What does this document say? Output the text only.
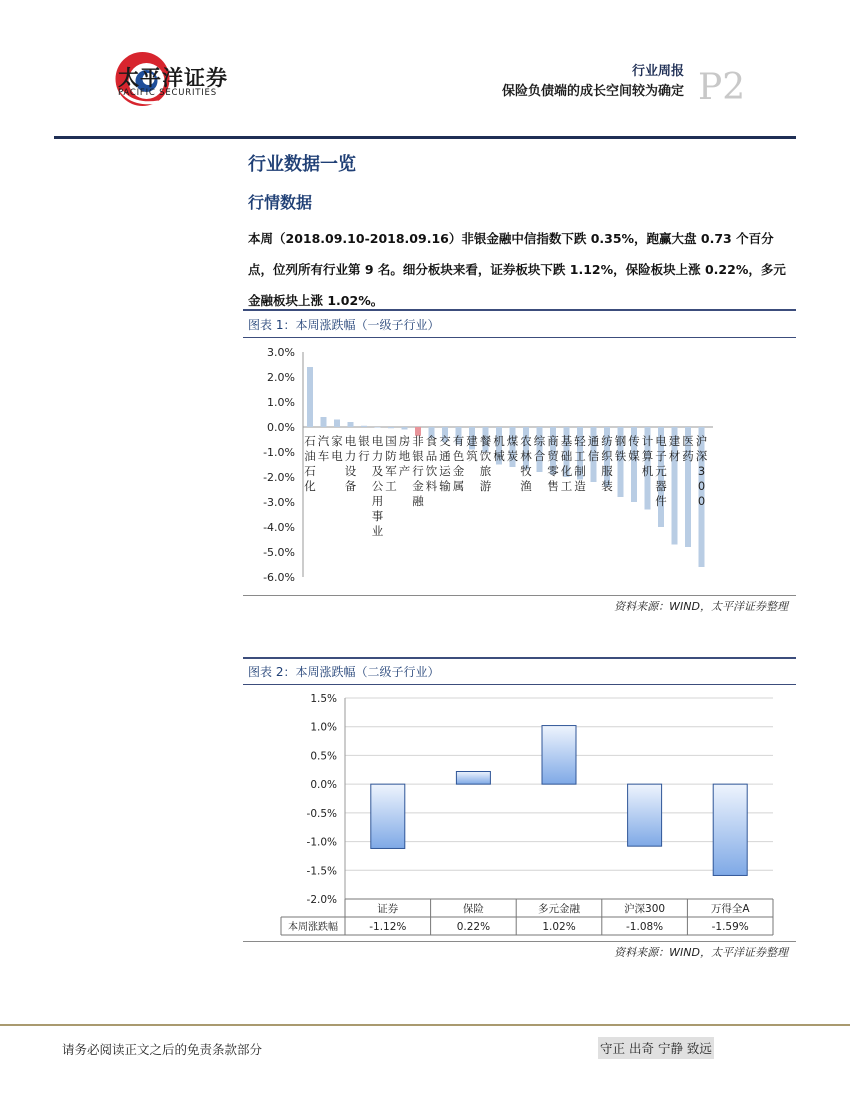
太平洋证券
PACIFIC SECURITIES
行业周报
保险负债端的成长空间较为确定 P2
行业数据一览
行情数据
本周（2018.09.10-2018.09.16）非银金融中信指数下跌 0.35%，跑赢大盘 0.73 个百分点，位列所有行业第 9 名。细分板块来看，证券板块下跌 1.12%，保险板块上涨 0.22%，多元金融板块上涨 1.02%。
图表 1：本周涨跌幅（一级子行业）
3.0%
2.0%
1.0%
0.0%
-1.0%
-2.0%
-3.0%
-4.0%
-5.0%
-6.0%
石
油
石
化
汽
车
家
电
电
力
设
备
银
行
电
力
及
公
用
事
业
国
防
军
工
房
地
产
非
银
行
金
融
食
品
饮
料
交
通
运
输
有
色
金
属
建
筑
餐
饮
旅
游
机
械
煤
炭
农
林
牧
渔
综
合
商
贸
零
售
基
础
化
工
轻
工
制
造
通
信
纺
织
服
装
钢
铁
传
媒
计
算
机
电
子
元
器
件
建
材
医
药
沪
深
3
0
0
资料来源：WIND，太平洋证券整理
图表 2：本周涨跌幅（二级子行业）
1.5%
1.0%
0.5%
0.0%
-0.5%
-1.0%
-1.5%
-2.0%
本周涨跌幅
证券
-1.12%
保险
0.22%
多元金融
1.02%
沪深300
-1.08%
万得全A
-1.59%
资料来源：WIND，太平洋证券整理
请务必阅读正文之后的免责条款部分	守正 出奇 宁静 致远
